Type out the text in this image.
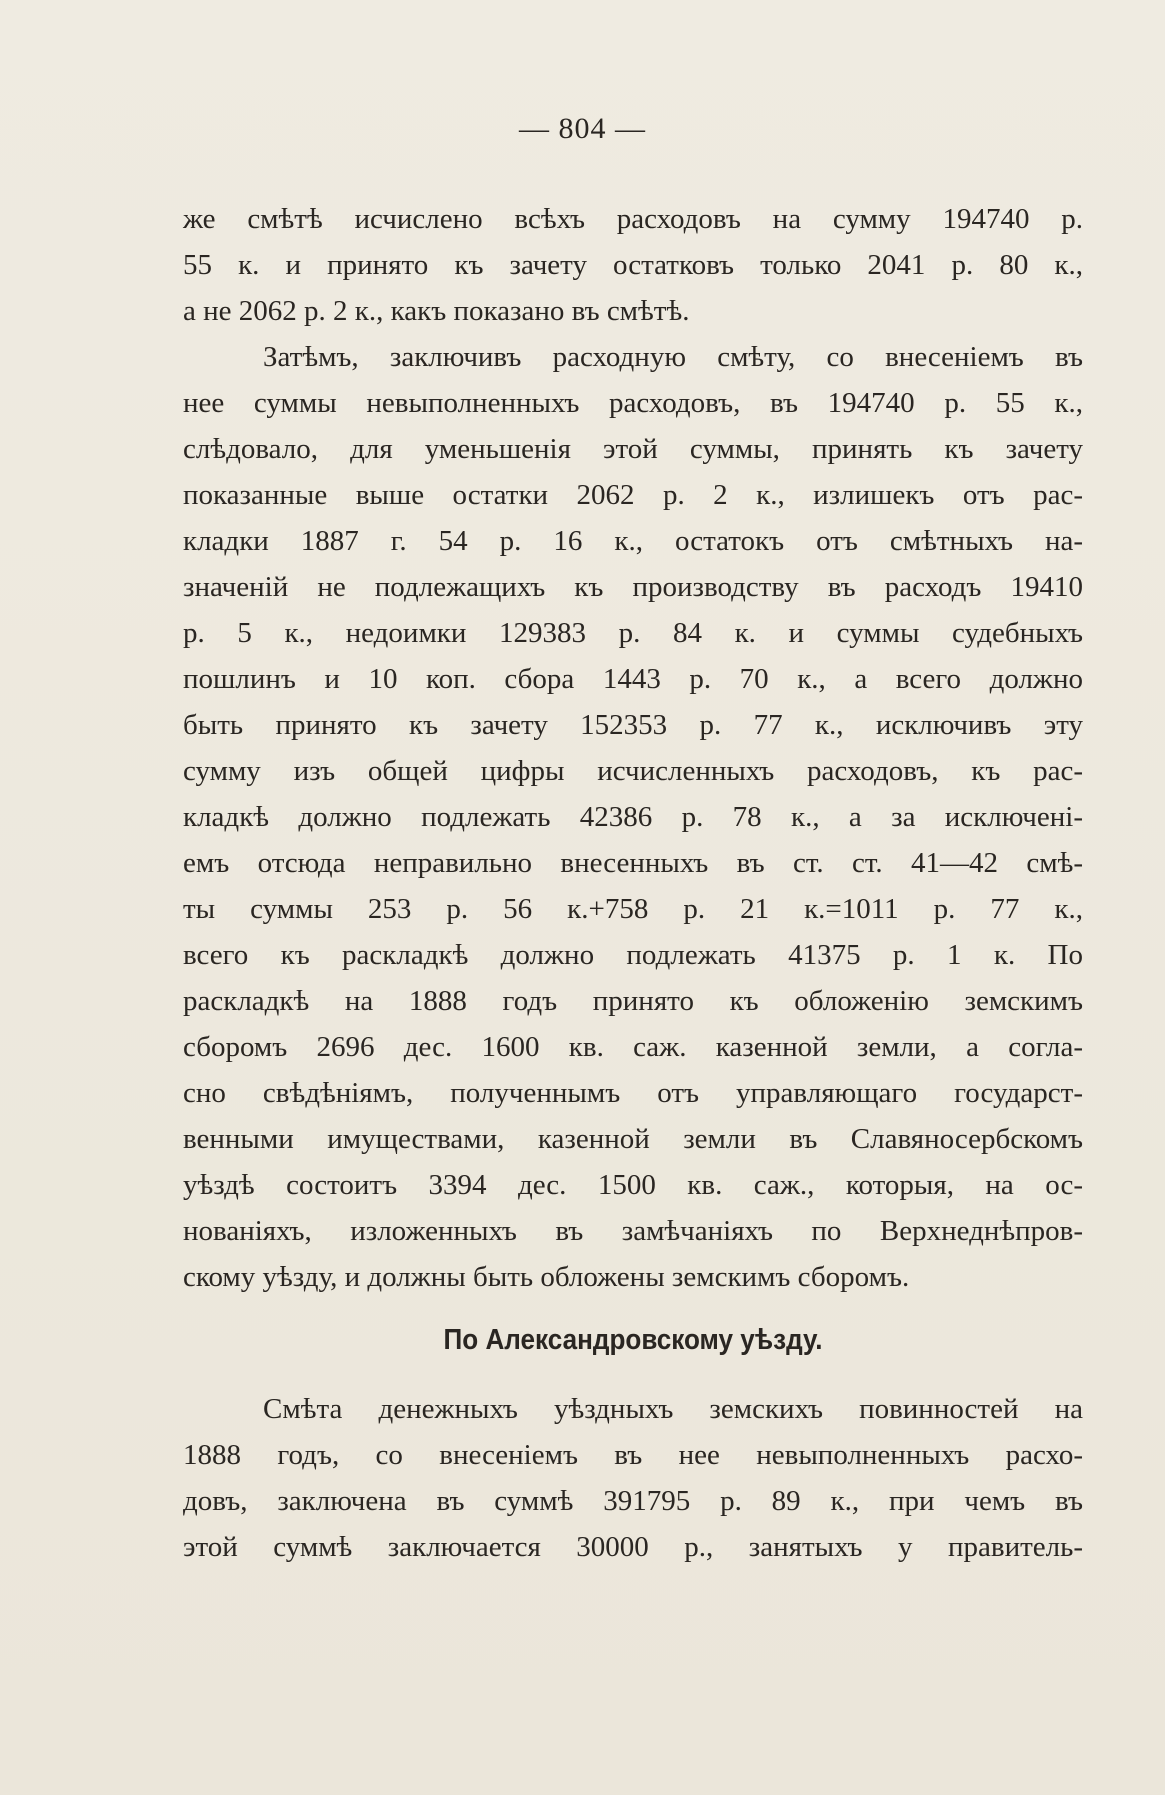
— 804 —
же смѣтѣ исчислено всѣхъ расходовъ на сумму 194740 р.
55 к. и принято къ зачету остатковъ только 2041 р. 80 к.,
а не 2062 р. 2 к., какъ показано въ смѣтѣ.
Затѣмъ, заключивъ расходную смѣту, со внесеніемъ въ
нее суммы невыполненныхъ расходовъ, въ 194740 р. 55 к.,
слѣдовало, для уменьшенія этой суммы, принять къ зачету
показанные выше остатки 2062 р. 2 к., излишекъ отъ рас-
кладки 1887 г. 54 р. 16 к., остатокъ отъ смѣтныхъ на-
значеній не подлежащихъ къ производству въ расходъ 19410
р. 5 к., недоимки 129383 р. 84 к. и суммы судебныхъ
пошлинъ и 10 коп. сбора 1443 р. 70 к., а всего должно
быть принято къ зачету 152353 р. 77 к., исключивъ эту
сумму изъ общей цифры исчисленныхъ расходовъ, къ рас-
кладкѣ должно подлежать 42386 р. 78 к., а за исключені-
емъ отсюда неправильно внесенныхъ въ ст. ст. 41—42 смѣ-
ты суммы 253 р. 56 к.+758 р. 21 к.=1011 р. 77 к.,
всего къ раскладкѣ должно подлежать 41375 р. 1 к. По
раскладкѣ на 1888 годъ принято къ обложенію земскимъ
сборомъ 2696 дес. 1600 кв. саж. казенной земли, а согла-
сно свѣдѣніямъ, полученнымъ отъ управляющаго государст-
венными имуществами, казенной земли въ Славяносербскомъ
уѣздѣ состоитъ 3394 дес. 1500 кв. саж., которыя, на ос-
нованіяхъ, изложенныхъ въ замѣчаніяхъ по Верхнеднѣпров-
скому уѣзду, и должны быть обложены земскимъ сборомъ.
По Александровскому уѣзду.
Смѣта денежныхъ уѣздныхъ земскихъ повинностей на
1888 годъ, со внесеніемъ въ нее невыполненныхъ расхо-
довъ, заключена въ суммѣ 391795 р. 89 к., при чемъ въ
этой суммѣ заключается 30000 р., занятыхъ у правитель-
